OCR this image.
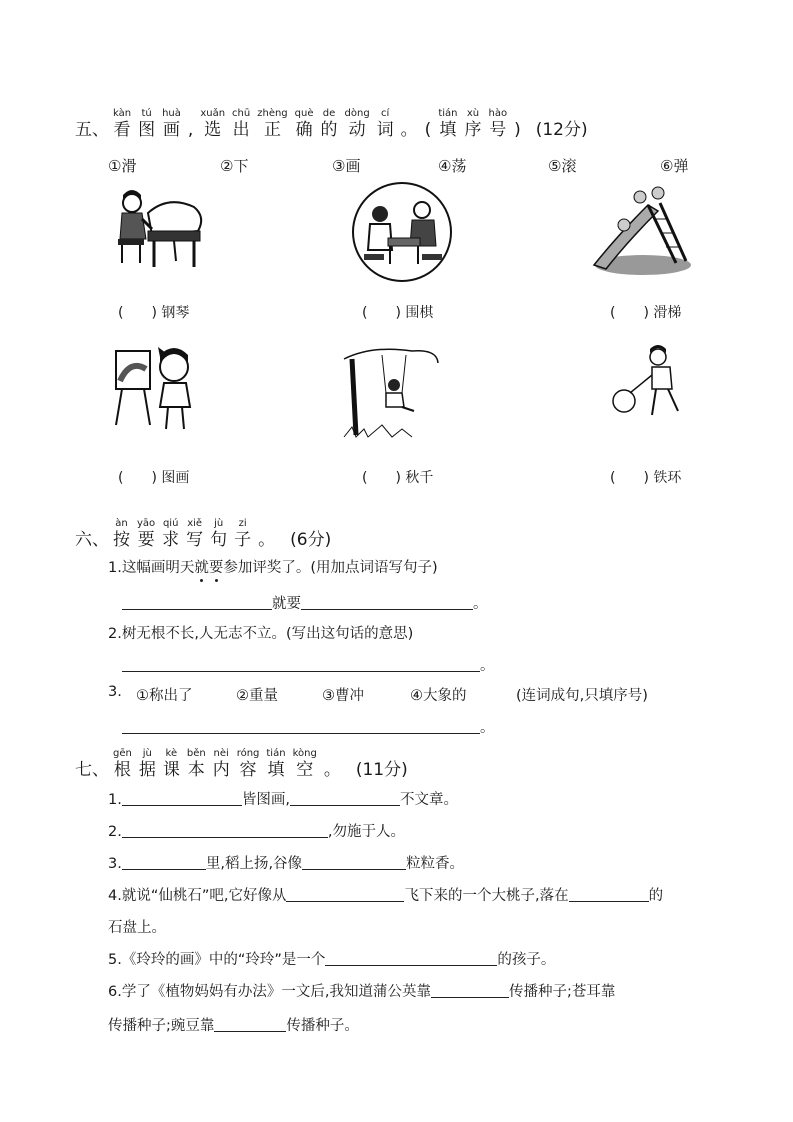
五、
kàn
看
tú
图
huà
画 ,
xuǎn
选
chū
出
zhèng
正
què
确
de
的
dòng
动
cí
词 。 (
tián
填
xù
序
hào
号 ) (12分)
①滑	②下	③画	④荡	⑤滚	⑥弹
(　　) 钢琴	(　　) 围棋	(　　) 滑梯
(　　) 图画	(　　) 秋千	(　　) 铁环
六、
àn
按
yāo
要
qiú
求
xiě
写
jù
句
zi
子 。 (6分)
1.这幅画明天就要参加评奖了。(用加点词语写句子)
就要	。
2.树无根不长,人无志不立。(写出这句话的意思)
。
3. ①称出了	②重量	③曹冲	④大象的	(连词成句,只填序号)
。
七、
gēn
根
jù
据
kè
课
běn
本
nèi
内
róng
容
tián
填
kòng
空 。 (11分)
1.	皆图画,	不文章。
2.	,勿施于人。
3.	里,稻上扬,谷像	粒粒香。
4.就说“仙桃石”吧,它好像从	飞下来的一个大桃子,落在	的
石盘上。
5.《玲玲的画》中的“玲玲”是一个	的孩子。
6.学了《植物妈妈有办法》一文后,我知道蒲公英靠	传播种子;苍耳靠
传播种子;豌豆靠	传播种子。
